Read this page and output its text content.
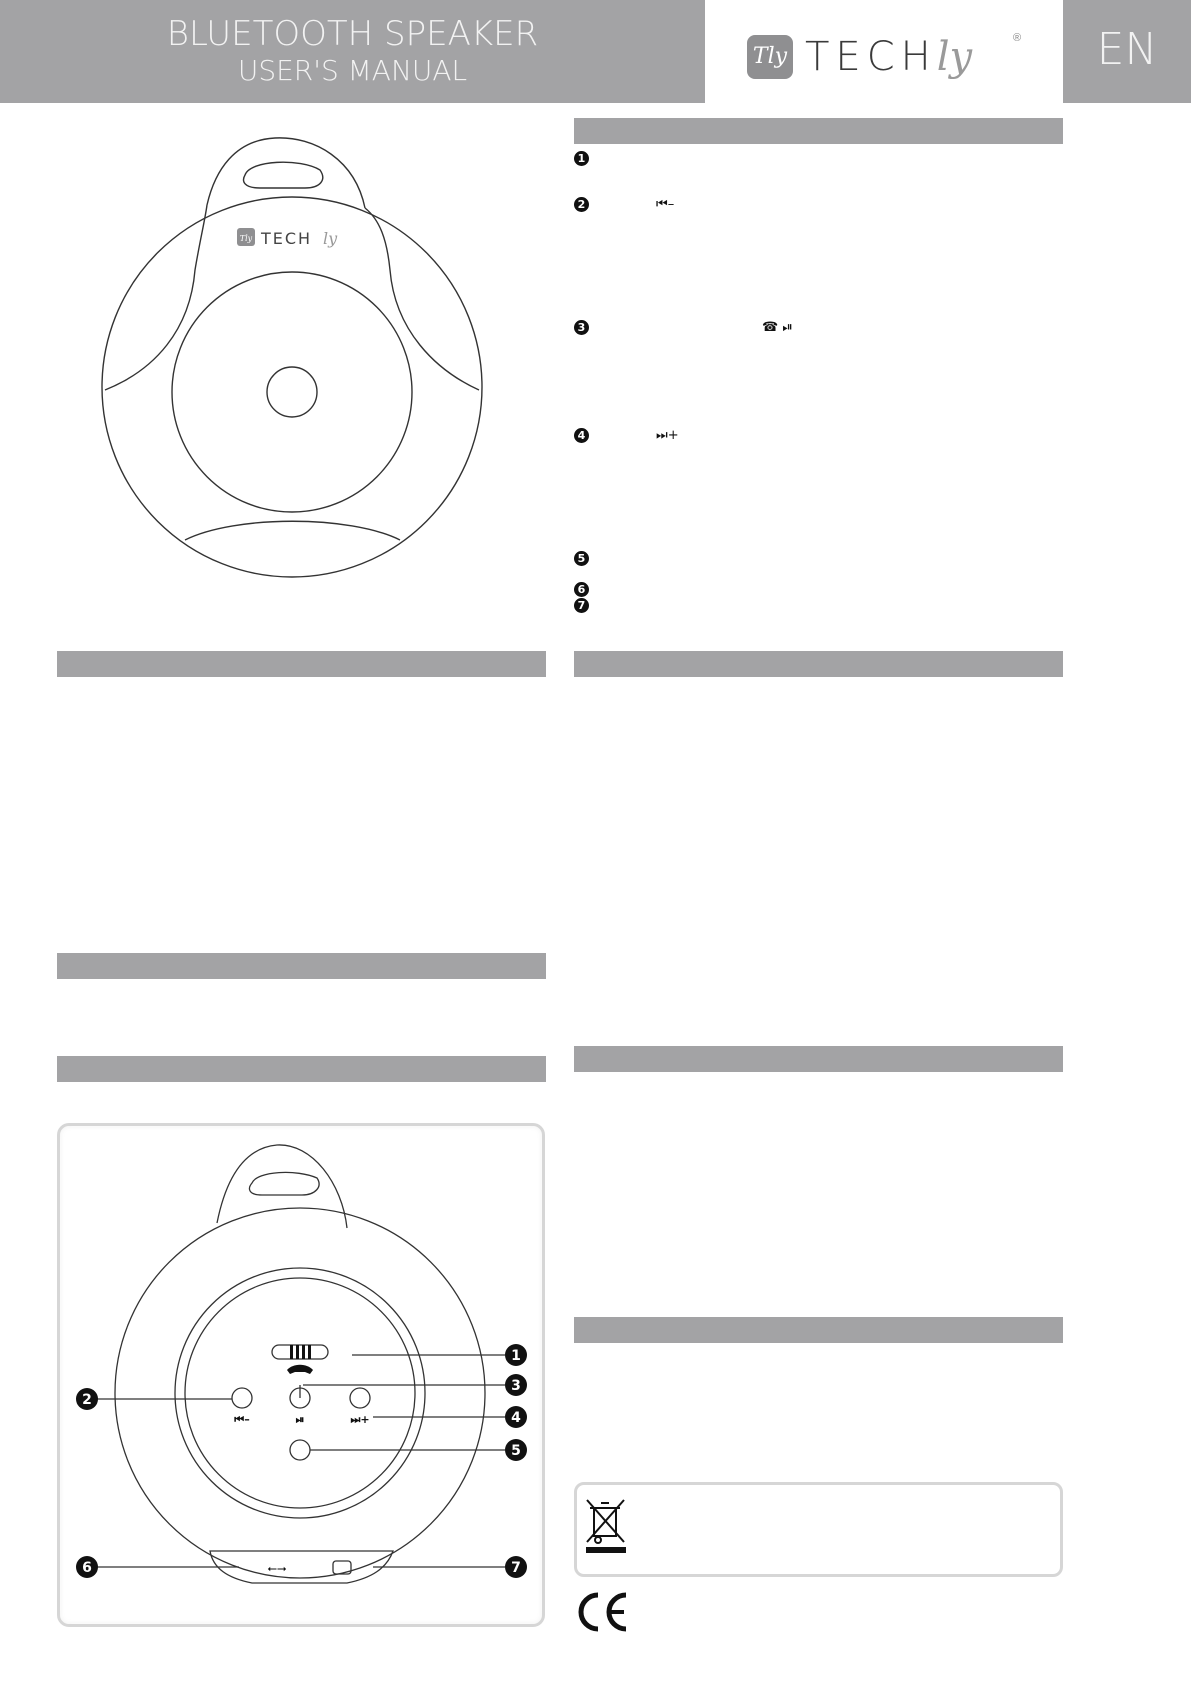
BLUETOOTH SPEAKER
USER'S MANUAL	Tly TECHly	®	EN
Tly TECH ly
1
2	⏮–
3	☎ ⏯
4	⏭+
5
6
7
⏮–	⏯	⏭+
⭠⭢
1
3
2
4
5
6	7
